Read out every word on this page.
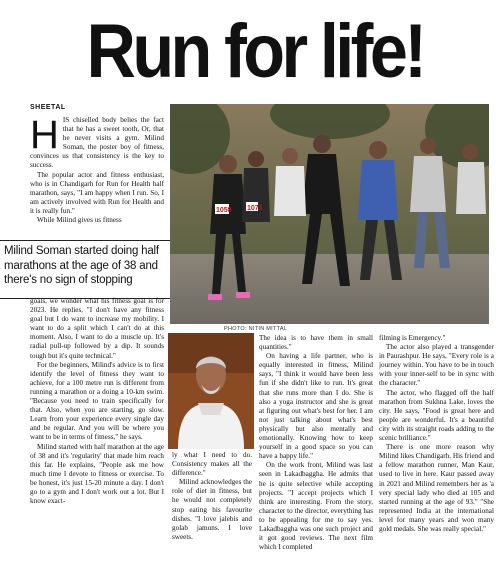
Run for life!
SHEETAL
H IS chiselled body belies the fact that he has a sweet tooth, Or, that he never visits a gym. Milind Soman, the poster boy of fitness, convinces us that consistency is the key to success.

The popular actor and fitness enthusiast, who is in Chandigarh for Run for Health half marathon, says, "I am happy when I run. So, I am actively involved with Run for Health and it is really fun."

While Milind gives us fitness

Milind Soman started doing half marathons at the age of 38 and there's no sign of stopping
1058 1071
PHOTO: NITIN MITTAL

goals, we wonder what his fitness goal is for 2023. He replies, "I don't have any fitness goal but I do want to increase my mobility. I want to do a split which I can't do at this moment. Also, I want to do a muscle up. It's radial pull-up followed by a dip. It sounds tough but it's quite technical."

For the beginners, Milind's advice is to first identify the level of fitness they want to achieve, for a 100 metre run is different from running a marathon or a doing a 10-km swim. "Because you need to train specifically for that. Also, when you are starting, go slow. Learn from your experience every single day and be regular. And you will be where you want to be in terms of fitness," he says.

Milind started with half marathon at the age of 38 and it's 'regularity' that made him reach this far. He explains, "People ask me how much time I devote to fitness or exercise. To be honest, it's just 15-20 minute a day. I don't go to a gym and I don't work out a lot. But I know exact-

ly what I need to do. Consistency makes all the difference."

Milind acknowledges the role of diet in fitness, but he would not completely stop eating his favourite dishes. "I love jalebis and golab jamuns. I love sweets.

The idea is to have them in small quantities."

On having a life partner, who is equally interested in fitness, Milind says, "I think it would have been less fun if she didn't like to run. It's great that she runs more than I do. She is also a yoga instructor and she is great at figuring out what's best for her. I am not just talking about what's best physically but also mentally and emotionally. Knowing how to keep yourself in a good space so you can have a happy life."

On the work front, Milind was last seen in Lakadbaggha. He admits that he is quite selective while accepting projects. "I accept projects which I think are interesting. From the story, character to the director, everything has to be appealing for me to say yes. Lakadbaggha was one such project and it got good reviews. The next film which I completed

filming is Emergency."

The actor also played a transgender in Paurashpur. He says, "Every role is a journey within. You have to be in touch with your inner-self to be in sync with the character."

The actor, who flagged off the half marathon from Sukhna Lake, loves the city. He says, "Food is great here and people are wonderful. It's a beautiful city with its straight roads adding to the scenic brilliance."

There is one more reason why Milind likes Chandigarh. His friend and a fellow marathon runner, Man Kaur, used to live in here. Kaur passed away in 2021 and Milind remembers her as 'a very special lady who died at 105 and started running at the age of 93." "She represented India at the international level for many years and won many gold medals. She was really special."
